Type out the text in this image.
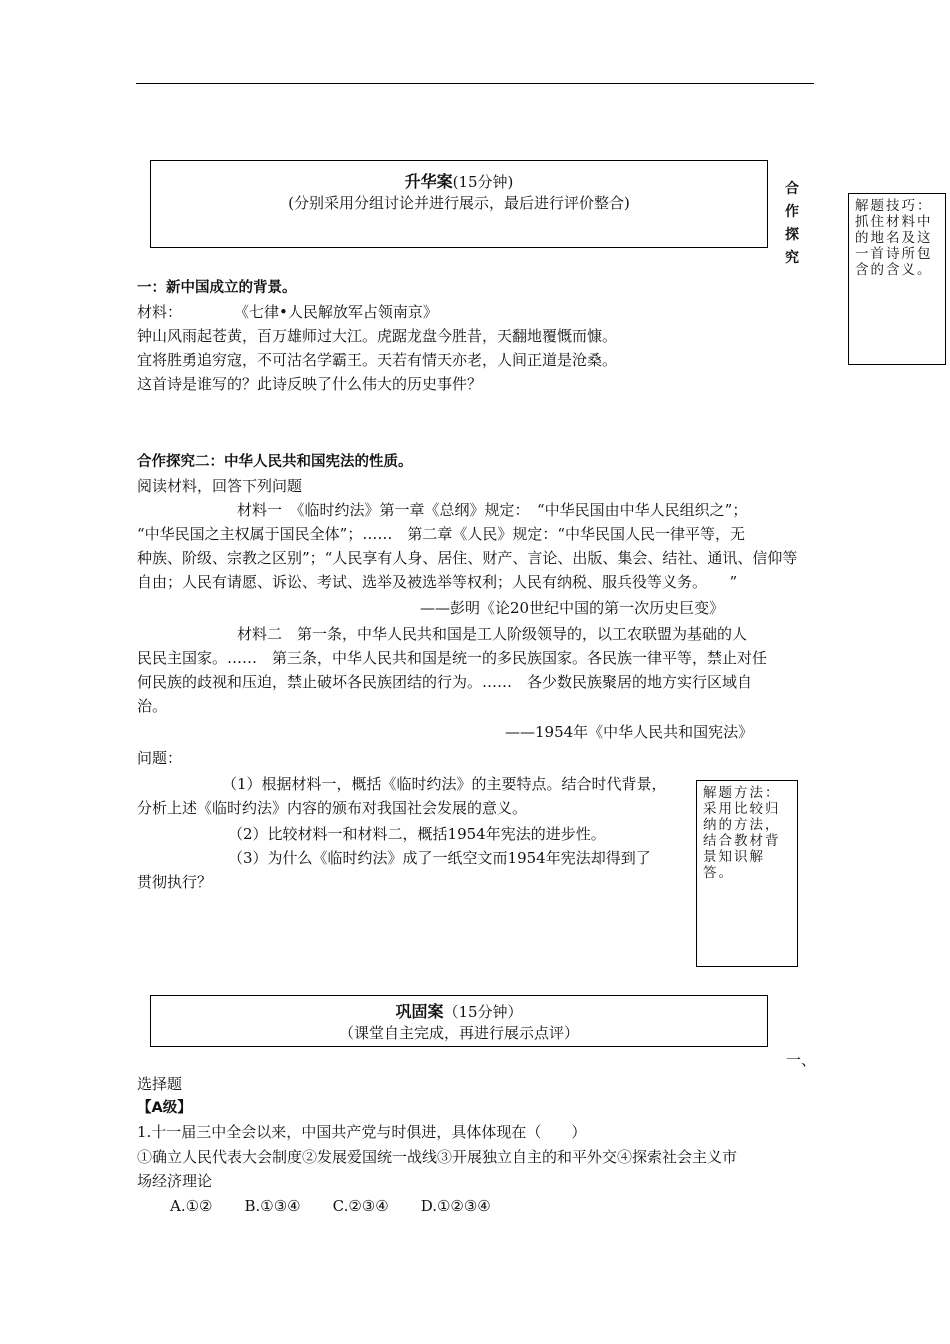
升华案(15分钟)
(分别采用分组讨论并进行展示，最后进行评价整合)
合
作
探
究
解题技巧：抓住材料中的地名及这一首诗所包含的含义。
一：新中国成立的背景。
材料：	《七律•人民解放军占领南京》
钟山风雨起苍黄，百万雄师过大江。虎踞龙盘今胜昔，天翻地覆慨而慷。
宜将胜勇追穷寇，不可沽名学霸王。天若有情天亦老，人间正道是沧桑。
这首诗是谁写的？此诗反映了什么伟大的历史事件？
合作探究二：中华人民共和国宪法的性质。
阅读材料，回答下列问题
材料一　《临时约法》第一章《总纲》规定：　“中华民国由中华人民组织之”；
“中华民国之主权属于国民全体”；……　第二章《人民》规定：“中华民国人民一律平等，无
种族、阶级、宗教之区别”；“人民享有人身、居住、财产、言论、出版、集会、结社、通讯、信仰等
自由；人民有请愿、诉讼、考试、选举及被选举等权利；人民有纳税、服兵役等义务。　　”
——彭明《论20世纪中国的第一次历史巨变》
材料二　第一条，中华人民共和国是工人阶级领导的，以工农联盟为基础的人
民民主国家。……　第三条，中华人民共和国是统一的多民族国家。各民族一律平等，禁止对任
何民族的歧视和压迫，禁止破坏各民族团结的行为。……　各少数民族聚居的地方实行区域自
治。
——1954年《中华人民共和国宪法》
问题：
（1）根据材料一，概括《临时约法》的主要特点。结合时代背景，
分析上述《临时约法》内容的颁布对我国社会发展的意义。
（2）比较材料一和材料二，概括1954年宪法的进步性。
（3）为什么《临时约法》成了一纸空文而1954年宪法却得到了
贯彻执行？
解题方法：采用比较归纳的方法，结合教材背景知识解答。
巩固案（15分钟）
（课堂自主完成，再进行展示点评）
一、
选择题
【A级】
1.十一届三中全会以来，中国共产党与时俱进，具体体现在（　　）
①确立人民代表大会制度②发展爱国统一战线③开展独立自主的和平外交④探索社会主义市
场经济理论
A.①② B.①③④ C.②③④ D.①②③④
